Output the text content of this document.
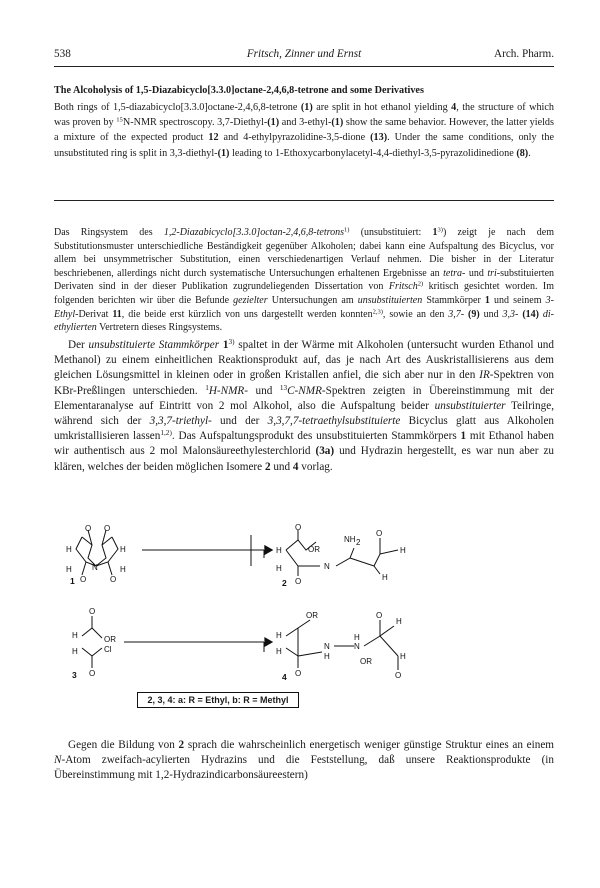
538	Fritsch, Zinner und Ernst	Arch. Pharm.
The Alcoholysis of 1,5-Diazabicyclo[3.3.0]octane-2,4,6,8-tetrone and some Derivatives

Both rings of 1,5-diazabicyclo[3.3.0]octane-2,4,6,8-tetrone (1) are split in hot ethanol yielding 4, the structure of which was proven by $^{15}$N-NMR spectroscopy. 3,7-Diethyl-(1) and 3-ethyl-(1) show the same behavior. However, the latter yields a mixture of the expected product 12 and 4-ethylpyrazolidine-3,5-dione (13). Under the same conditions, only the unsubstituted ring is split in 3,3-diethyl-(1) leading to 1-Ethoxycarbonylacetyl-4,4-diethyl-3,5-pyrazolidinedione (8).

Das Ringsystem des 1,2-Diazabicyclo[3.3.0]octan-2,4,6,8-tetrons$^{1)}$ (unsubstituiert: 1$^{3)}$) zeigt je nach dem Substitutionsmuster unterschiedliche Beständigkeit gegenüber Alkoholen; dabei kann eine Aufspaltung des Bicyclus, vor allem bei unsymmetrischer Substitution, einen verschiedenartigen Verlauf nehmen. Die bisher in der Literatur beschriebenen, allerdings nicht durch systematische Untersuchungen erhaltenen Ergebnisse an tetra- und tri-substituierten Derivaten sind in der dieser Publikation zugrundeliegenden Dissertation von Fritsch$^{2)}$ kritisch gesichtet worden. Im folgenden berichten wir über die Befunde gezielter Untersuchungen am unsubstituierten Stammkörper 1 und seinem 3-Ethyl-Derivat 11, die beide erst kürzlich von uns dargestellt werden konnten$^{2,3)}$, sowie an den 3,7- (9) und 3,3- (14) di-ethylierten Vertretern dieses Ringsystems.

Der unsubstituierte Stammkörper 1$^{3)}$ spaltet in der Wärme mit Alkoholen (untersucht wurden Ethanol und Methanol) zu einem einheitlichen Reaktionsprodukt auf, das je nach Art des Auskristallisierens aus dem gleichen Lösungsmittel in kleinen oder in großen Kristallen anfiel, die sich aber nur in den IR-Spektren von KBr-Preßlingen unterschieden. $^1$H-NMR- und $^{13}$C-NMR-Spektren zeigten in Übereinstimmung mit der Elementaranalyse auf Eintritt von 2 mol Alkohol, also die Aufspaltung beider unsubstituierter Teilringe, während sich der 3,3,7-triethyl- und der 3,3,7,7-tetraethylsubstituierte Bicyclus glatt aus Alkoholen umkristallisieren lassen$^{1,2)}$. Das Aufspaltungsprodukt des unsubstituierten Stammkörpers 1 mit Ethanol haben wir authentisch aus 2 mol Malonsäureethylesterchlorid (3a) und Hydrazin hergestellt, es war nun aber zu klären, welches der beiden möglichen Isomere 2 und 4 vorlag.

O O
H	H
N
H	H
O	O
O
H	OR
H
O
N
NH 2
O
H
H
O
H	OR
Cl
H
O
OR
H
H
O
N
H
H
N
O
H
OR
H
O
1	2
3	4
2, 3, 4: a: R = Ethyl, b: R = Methyl

Gegen die Bildung von 2 sprach die wahrscheinlich energetisch weniger günstige Struktur eines an einem N-Atom zweifach-acylierten Hydrazins und die Feststellung, daß unsere Reaktionsprodukte (in Übereinstimmung mit 1,2-Hydrazindicarbonsäureestern)
